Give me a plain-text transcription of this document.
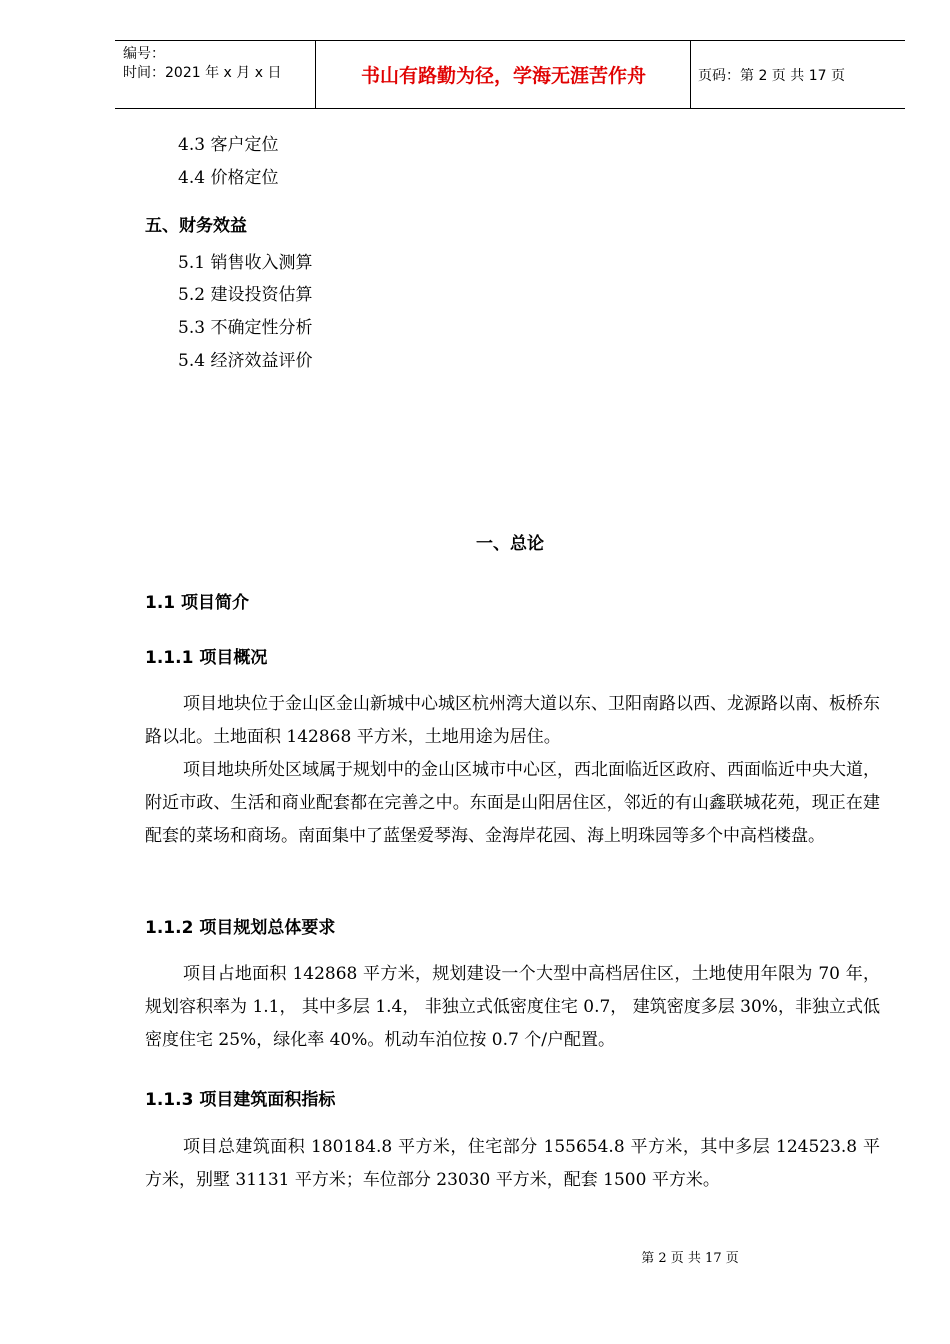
编号：
时间：2021 年 x 月 x 日	书山有路勤为径，学海无涯苦作舟	页码：第 2 页 共 17 页
4.3 客户定位
4.4 价格定位
五、财务效益
5.1 销售收入测算
5.2 建设投资估算
5.3 不确定性分析
5.4 经济效益评价
一、总论
1.1 项目简介
1.1.1 项目概况
项目地块位于金山区金山新城中心城区杭州湾大道以东、卫阳南路以西、龙源路以南、板桥东路以北。土地面积 142868 平方米，土地用途为居住。
项目地块所处区域属于规划中的金山区城市中心区，西北面临近区政府、西面临近中央大道，附近市政、生活和商业配套都在完善之中。东面是山阳居住区，邻近的有山鑫联城花苑，现正在建配套的菜场和商场。南面集中了蓝堡爱琴海、金海岸花园、海上明珠园等多个中高档楼盘。
1.1.2 项目规划总体要求
项目占地面积 142868 平方米，规划建设一个大型中高档居住区，土地使用年限为 70 年，规划容积率为 1.1， 其中多层 1.4， 非独立式低密度住宅 0.7， 建筑密度多层 30%，非独立式低密度住宅 25%，绿化率 40%。机动车泊位按 0.7 个/户配置。
1.1.3 项目建筑面积指标
项目总建筑面积 180184.8 平方米，住宅部分 155654.8 平方米，其中多层 124523.8 平方米，别墅 31131 平方米；车位部分 23030 平方米，配套 1500 平方米。
第 2 页 共 17 页
